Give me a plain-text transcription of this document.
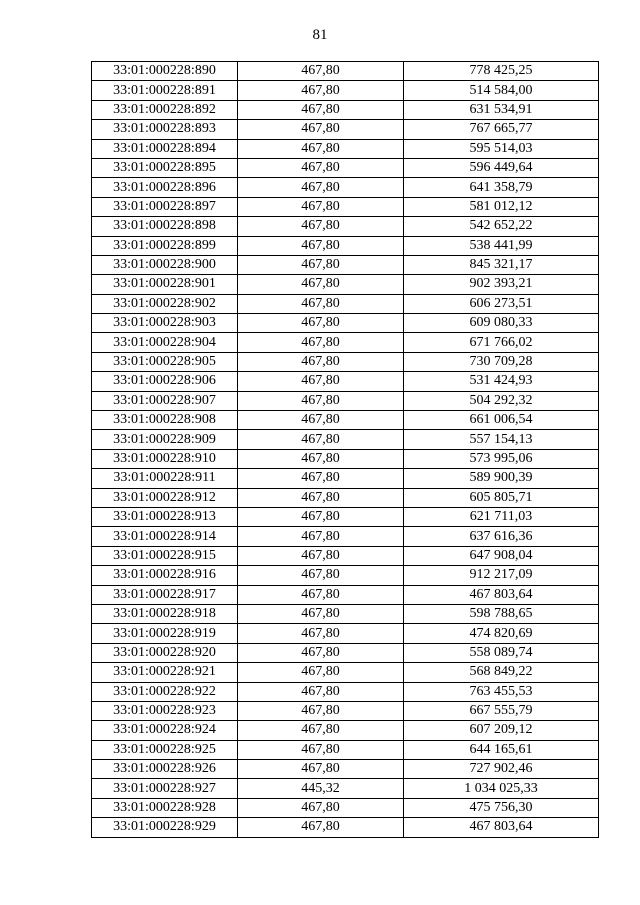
81
33:01:000228:890	467,80	778 425,25
33:01:000228:891	467,80	514 584,00
33:01:000228:892	467,80	631 534,91
33:01:000228:893	467,80	767 665,77
33:01:000228:894	467,80	595 514,03
33:01:000228:895	467,80	596 449,64
33:01:000228:896	467,80	641 358,79
33:01:000228:897	467,80	581 012,12
33:01:000228:898	467,80	542 652,22
33:01:000228:899	467,80	538 441,99
33:01:000228:900	467,80	845 321,17
33:01:000228:901	467,80	902 393,21
33:01:000228:902	467,80	606 273,51
33:01:000228:903	467,80	609 080,33
33:01:000228:904	467,80	671 766,02
33:01:000228:905	467,80	730 709,28
33:01:000228:906	467,80	531 424,93
33:01:000228:907	467,80	504 292,32
33:01:000228:908	467,80	661 006,54
33:01:000228:909	467,80	557 154,13
33:01:000228:910	467,80	573 995,06
33:01:000228:911	467,80	589 900,39
33:01:000228:912	467,80	605 805,71
33:01:000228:913	467,80	621 711,03
33:01:000228:914	467,80	637 616,36
33:01:000228:915	467,80	647 908,04
33:01:000228:916	467,80	912 217,09
33:01:000228:917	467,80	467 803,64
33:01:000228:918	467,80	598 788,65
33:01:000228:919	467,80	474 820,69
33:01:000228:920	467,80	558 089,74
33:01:000228:921	467,80	568 849,22
33:01:000228:922	467,80	763 455,53
33:01:000228:923	467,80	667 555,79
33:01:000228:924	467,80	607 209,12
33:01:000228:925	467,80	644 165,61
33:01:000228:926	467,80	727 902,46
33:01:000228:927	445,32	1 034 025,33
33:01:000228:928	467,80	475 756,30
33:01:000228:929	467,80	467 803,64
